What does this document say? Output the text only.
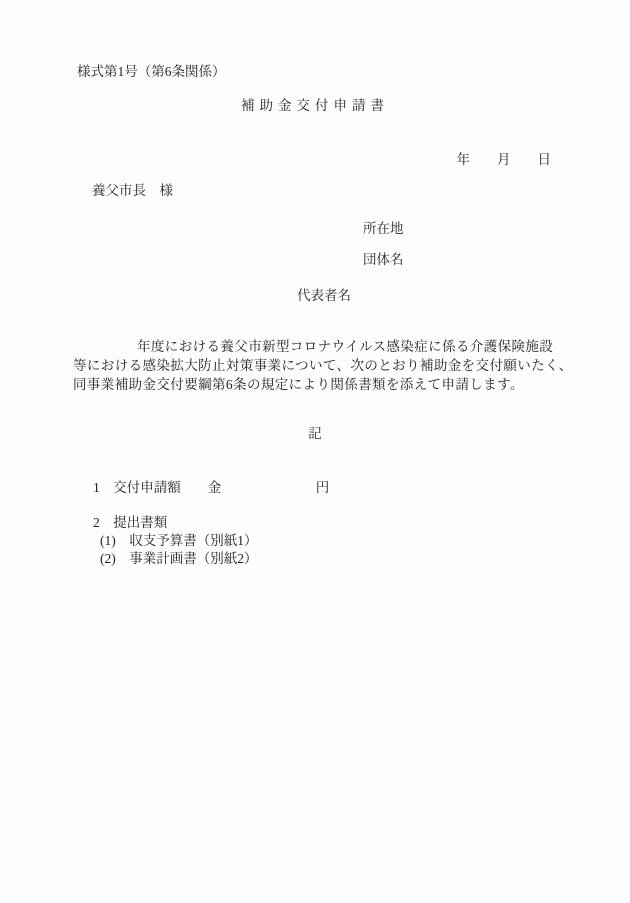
様式第1号（第6条関係）
補助金交付申請書
年　　月　　日
養父市長　様
所在地
団体名
代表者名
年度における養父市新型コロナウイルス感染症に係る介護保険施設
等における感染拡大防止対策事業について、次のとおり補助金を交付願いたく、
同事業補助金交付要綱第6条の規定により関係書類を添えて申請します。
記
1　交付申請額　　金　　　　　　　円
2　提出書類
(1)　収支予算書（別紙1）
(2)　事業計画書（別紙2）
